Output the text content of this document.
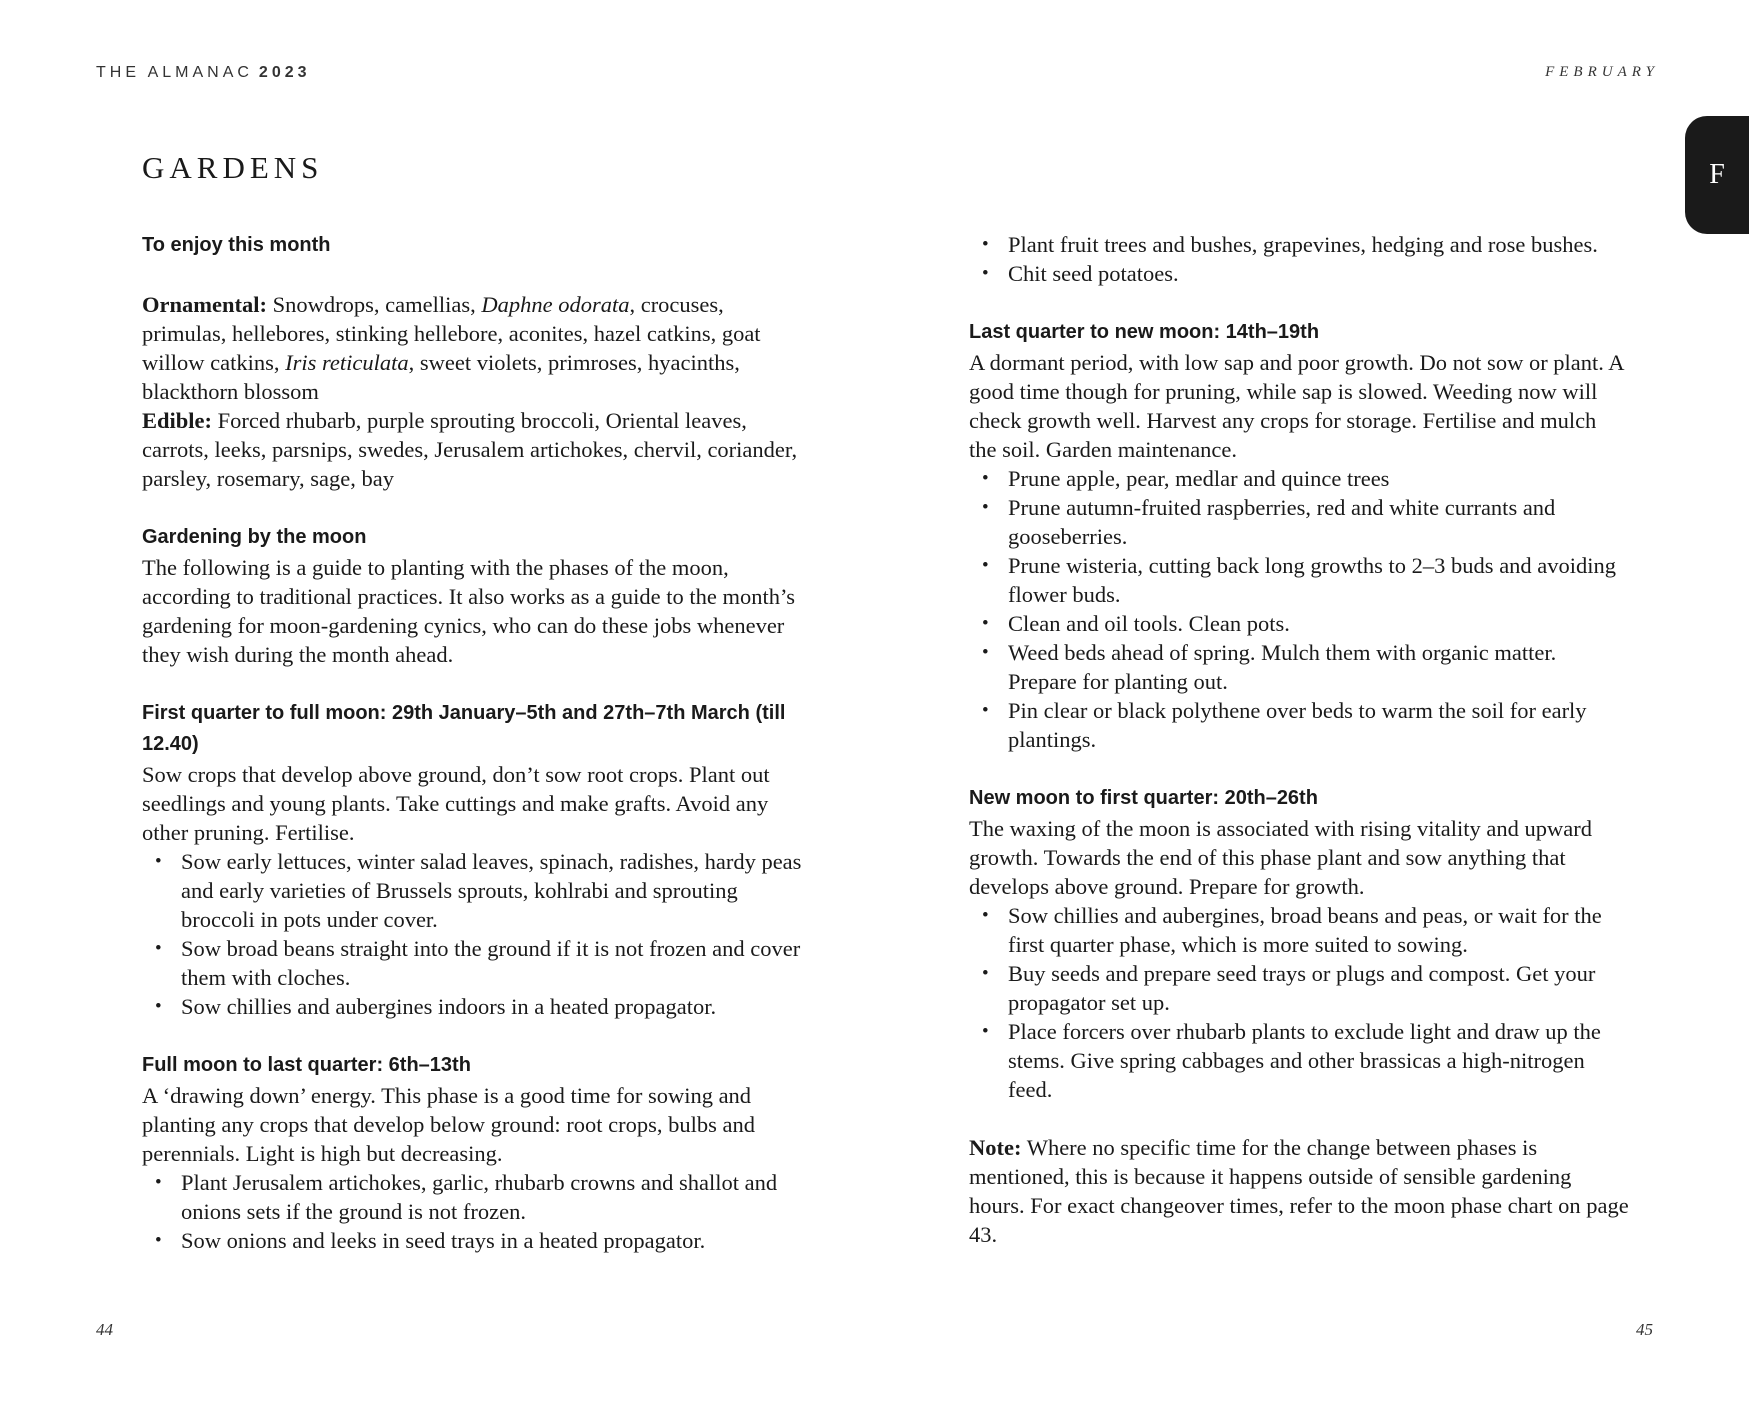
THE ALMANAC 2023	FEBRUARY
F
GARDENS

To enjoy this month

Ornamental: Snowdrops, camellias, Daphne odorata, crocuses, primulas, hellebores, stinking hellebore, aconites, hazel catkins, goat willow catkins, Iris reticulata, sweet violets, primroses, hyacinths, blackthorn blossom

Edible: Forced rhubarb, purple sprouting broccoli, Oriental leaves, carrots, leeks, parsnips, swedes, Jerusalem artichokes, chervil, coriander, parsley, rosemary, sage, bay

Gardening by the moon

The following is a guide to planting with the phases of the moon, according to traditional practices. It also works as a guide to the month’s gardening for moon-gardening cynics, who can do these jobs whenever they wish during the month ahead.

First quarter to full moon: 29th January–5th and 27th–7th March (till 12.40)

Sow crops that develop above ground, don’t sow root crops. Plant out seedlings and young plants. Take cuttings and make grafts. Avoid any other pruning. Fertilise.

• Sow early lettuces, winter salad leaves, spinach, radishes, hardy peas and early varieties of Brussels sprouts, kohlrabi and sprouting broccoli in pots under cover.
• Sow broad beans straight into the ground if it is not frozen and cover them with cloches.
• Sow chillies and aubergines indoors in a heated propagator.

Full moon to last quarter: 6th–13th

A ‘drawing down’ energy. This phase is a good time for sowing and planting any crops that develop below ground: root crops, bulbs and perennials. Light is high but decreasing.

• Plant Jerusalem artichokes, garlic, rhubarb crowns and shallot and onions sets if the ground is not frozen.
• Sow onions and leeks in seed trays in a heated propagator.
• Plant fruit trees and bushes, grapevines, hedging and rose bushes.
• Chit seed potatoes.

Last quarter to new moon: 14th–19th

A dormant period, with low sap and poor growth. Do not sow or plant. A good time though for pruning, while sap is slowed. Weeding now will check growth well. Harvest any crops for storage. Fertilise and mulch the soil. Garden maintenance.

• Prune apple, pear, medlar and quince trees
• Prune autumn-fruited raspberries, red and white currants and gooseberries.
• Prune wisteria, cutting back long growths to 2–3 buds and avoiding flower buds.
• Clean and oil tools. Clean pots.
• Weed beds ahead of spring. Mulch them with organic matter. Prepare for planting out.
• Pin clear or black polythene over beds to warm the soil for early plantings.

New moon to first quarter: 20th–26th

The waxing of the moon is associated with rising vitality and upward growth. Towards the end of this phase plant and sow anything that develops above ground. Prepare for growth.

• Sow chillies and aubergines, broad beans and peas, or wait for the first quarter phase, which is more suited to sowing.
• Buy seeds and prepare seed trays or plugs and compost. Get your propagator set up.
• Place forcers over rhubarb plants to exclude light and draw up the stems. Give spring cabbages and other brassicas a high-nitrogen feed.

Note: Where no specific time for the change between phases is mentioned, this is because it happens outside of sensible gardening hours. For exact changeover times, refer to the moon phase chart on page 43.

44	45
